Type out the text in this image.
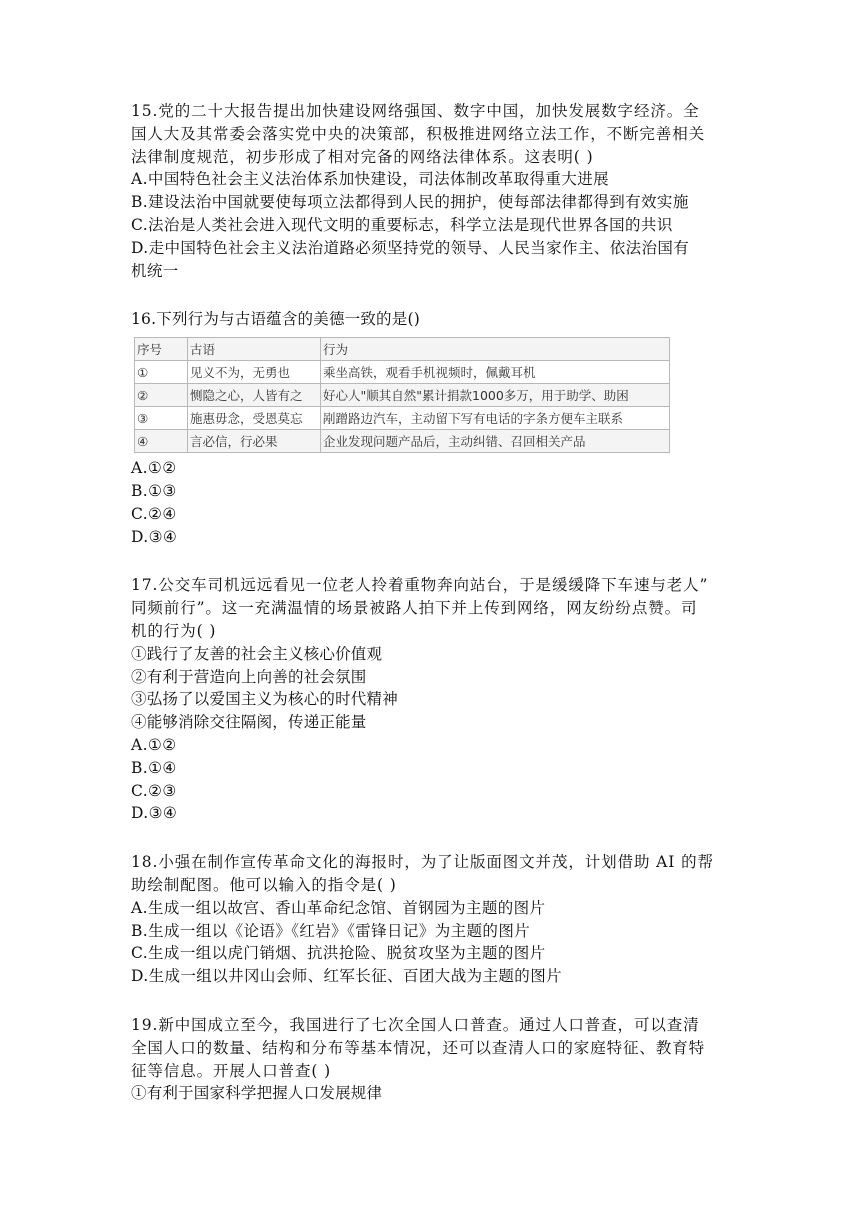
15.党的二十大报告提出加快建设网络强国、数字中国，加快发展数字经济。全
国人大及其常委会落实党中央的决策部，积极推进网络立法工作，不断完善相关
法律制度规范，初步形成了相对完备的网络法律体系。这表明( )
A.中国特色社会主义法治体系加快建设，司法体制改革取得重大进展
B.建设法治中国就要使每项立法都得到人民的拥护，使每部法律都得到有效实施
C.法治是人类社会进入现代文明的重要标志，科学立法是现代世界各国的共识
D.走中国特色社会主义法治道路必须坚持党的领导、人民当家作主、依法治国有
机统一
16.下列行为与古语蕴含的美德一致的是()
序号	古语	行为
①	见义不为，无勇也	乘坐高铁，观看手机视频时，佩戴耳机
②	恻隐之心，人皆有之	好心人"顺其自然"累计捐款1000多万，用于助学、助困
③	施惠毋念，受恩莫忘	剐蹭路边汽车，主动留下写有电话的字条方便车主联系
④	言必信，行必果	企业发现问题产品后，主动纠错、召回相关产品
A.①②
B.①③
C.②④
D.③④
17.公交车司机远远看见一位老人拎着重物奔向站台，于是缓缓降下车速与老人”
同频前行”。这一充满温情的场景被路人拍下并上传到网络，网友纷纷点赞。司
机的行为( )
①践行了友善的社会主义核心价值观
②有利于营造向上向善的社会氛围
③弘扬了以爱国主义为核心的时代精神
④能够消除交往隔阂，传递正能量
A.①②
B.①④
C.②③
D.③④
18.小强在制作宣传革命文化的海报时，为了让版面图文并茂，计划借助 AI 的帮
助绘制配图。他可以输入的指令是( )
A.生成一组以故宫、香山革命纪念馆、首钢园为主题的图片
B.生成一组以《论语》《红岩》《雷锋日记》为主题的图片
C.生成一组以虎门销烟、抗洪抢险、脱贫攻坚为主题的图片
D.生成一组以井冈山会师、红军长征、百团大战为主题的图片
19.新中国成立至今，我国进行了七次全国人口普查。通过人口普查，可以查清
全国人口的数量、结构和分布等基本情况，还可以查清人口的家庭特征、教育特
征等信息。开展人口普查( )
①有利于国家科学把握人口发展规律
